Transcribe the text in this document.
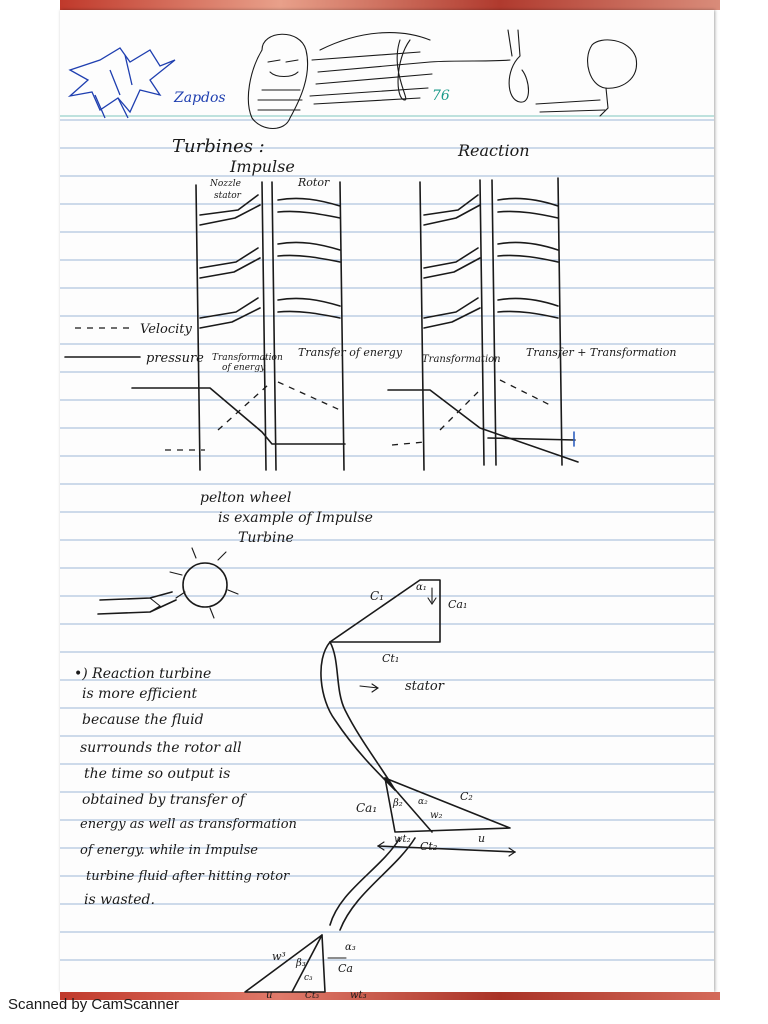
Zapdos	76
Turbines :
Impulse
Reaction
Nozzle
stator
Rotor
Velocity
pressure Transformation
of energy
Transfer of energy
Transformation
Transfer + Transformation
pelton wheel
is example of Impulse
Turbine
C₁
α₁
Ca₁
Ct₁
stator
Ca₁ β₂ α₂
w₂
C₂
u
wt₂
Ct₂
w³
β₃
c₃
α₃
Ca
u	Ct₃	wt₃
•) Reaction turbine
is more efficient
because the fluid
surrounds the rotor all
the time so output is
obtained by transfer of
energy as well as transformation
of energy. while in Impulse
turbine fluid after hitting rotor
is wasted.
Scanned by CamScanner
